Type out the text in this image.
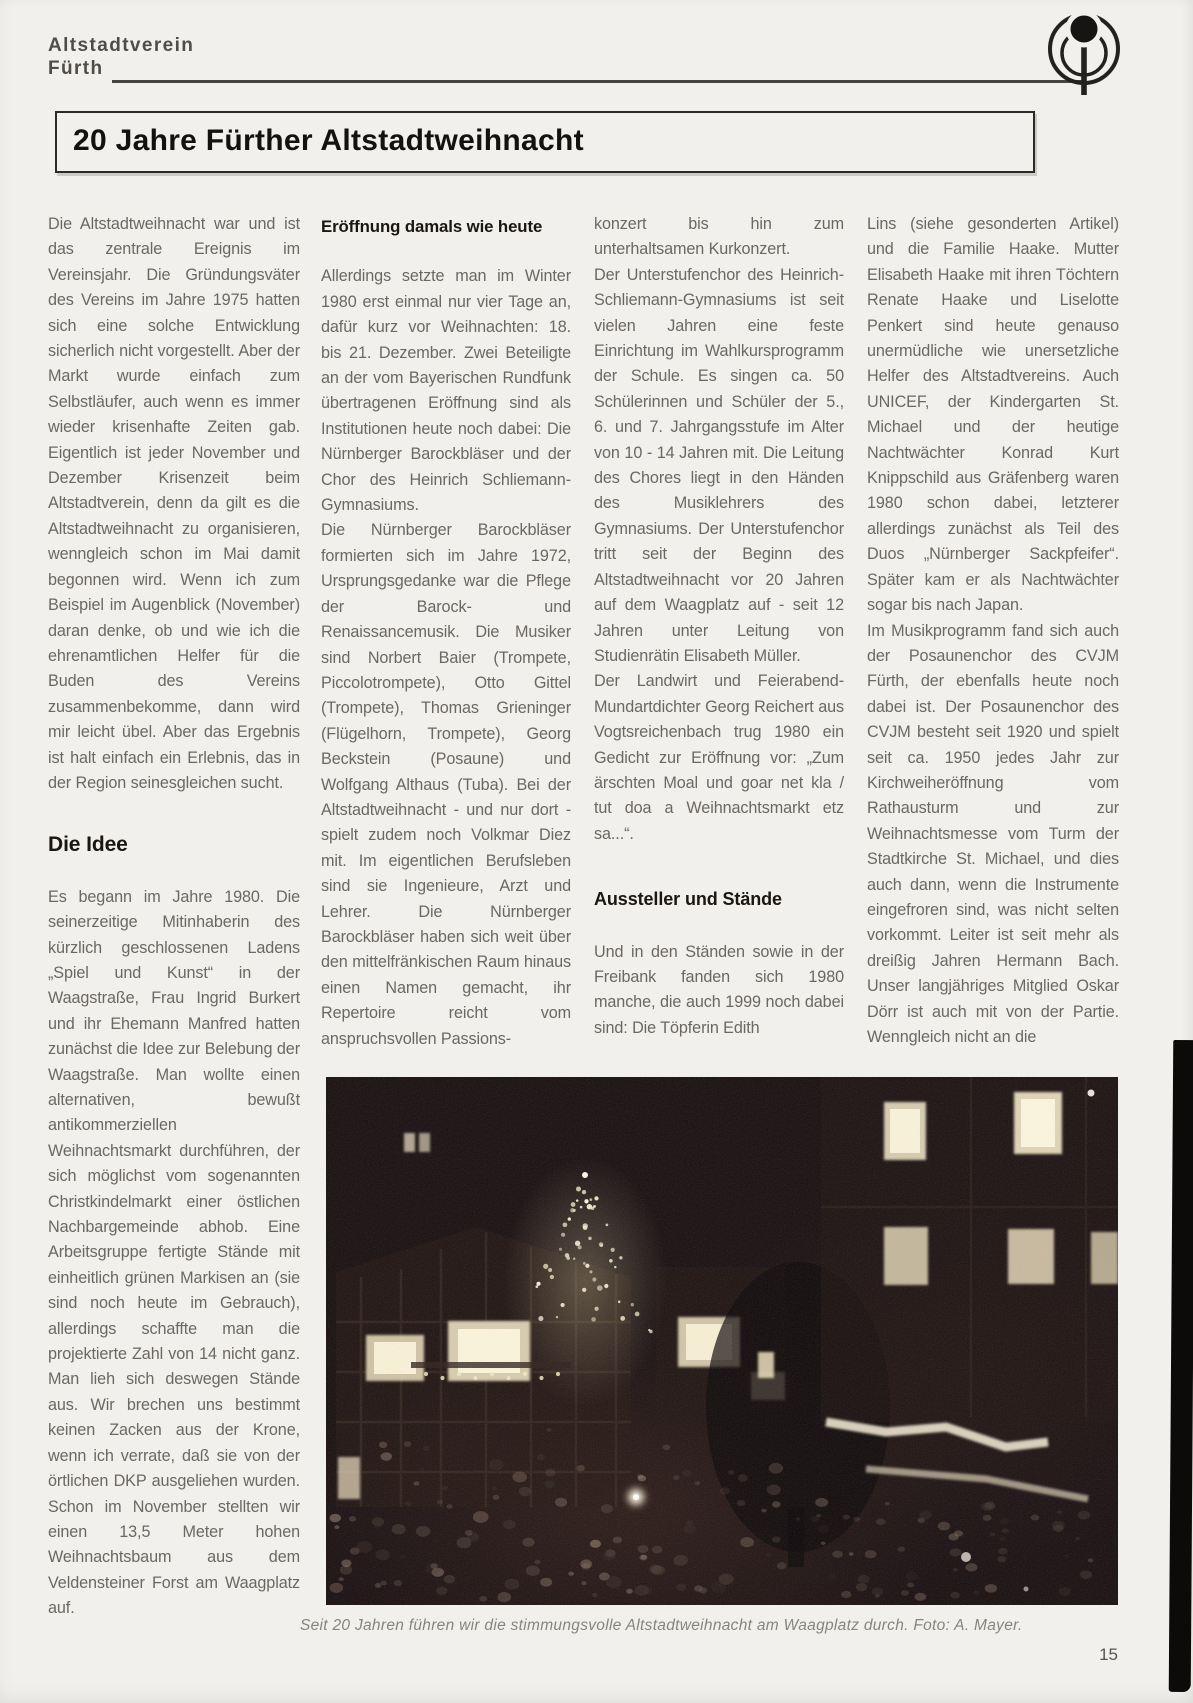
Altstadtverein
Fürth
20 Jahre Fürther Altstadtweihnacht

Die Altstadtweihnacht war und ist das zentrale Ereignis im Vereinsjahr. Die Gründungsväter des Vereins im Jahre 1975 hatten sich eine solche Entwicklung sicherlich nicht vorgestellt. Aber der Markt wurde einfach zum Selbstläufer, auch wenn es immer wieder krisenhafte Zeiten gab. Eigentlich ist jeder November und Dezember Krisenzeit beim Altstadtverein, denn da gilt es die Altstadtweihnacht zu organisieren, wenngleich schon im Mai damit begonnen wird. Wenn ich zum Beispiel im Augenblick (November) daran denke, ob und wie ich die ehrenamtlichen Helfer für die Buden des Vereins zusammenbekomme, dann wird mir leicht übel. Aber das Ergebnis ist halt einfach ein Erlebnis, das in der Region seinesgleichen sucht.

Die Idee

Es begann im Jahre 1980. Die seinerzeitige Mitinhaberin des kürzlich geschlossenen Ladens „Spiel und Kunst“ in der Waagstraße, Frau Ingrid Burkert und ihr Ehemann Manfred hatten zunächst die Idee zur Belebung der Waagstraße. Man wollte einen alternativen, bewußt antikommerziellen Weihnachtsmarkt durchführen, der sich möglichst vom sogenannten Christkindelmarkt einer östlichen Nachbargemeinde abhob. Eine Arbeitsgruppe fertigte Stände mit einheitlich grünen Markisen an (sie sind noch heute im Gebrauch), allerdings schaffte man die projektierte Zahl von 14 nicht ganz. Man lieh sich deswegen Stände aus. Wir brechen uns bestimmt keinen Zacken aus der Krone, wenn ich verrate, daß sie von der örtlichen DKP ausgeliehen wurden. Schon im November stellten wir einen 13,5 Meter hohen Weihnachtsbaum aus dem Veldensteiner Forst am Waagplatz auf.

Eröffnung damals wie heute

Allerdings setzte man im Winter 1980 erst einmal nur vier Tage an, dafür kurz vor Weihnachten: 18. bis 21. Dezember. Zwei Beteiligte an der vom Bayerischen Rundfunk übertragenen Eröffnung sind als Institutionen heute noch dabei: Die Nürnberger Barockbläser und der Chor des Heinrich Schliemann-Gymnasiums.

Die Nürnberger Barockbläser formierten sich im Jahre 1972, Ursprungsgedanke war die Pflege der Barock- und Renaissancemusik. Die Musiker sind Norbert Baier (Trompete, Piccolotrompete), Otto Gittel (Trompete), Thomas Grieninger (Flügelhorn, Trompete), Georg Beckstein (Posaune) und Wolfgang Althaus (Tuba). Bei der Altstadtweihnacht - und nur dort - spielt zudem noch Volkmar Diez mit. Im eigentlichen Berufsleben sind sie Ingenieure, Arzt und Lehrer. Die Nürnberger Barockbläser haben sich weit über den mittelfränkischen Raum hinaus einen Namen gemacht, ihr Repertoire reicht vom anspruchsvollen Passions-

konzert bis hin zum unterhaltsamen Kurkonzert.

Der Unterstufenchor des Heinrich-Schliemann-Gymnasiums ist seit vielen Jahren eine feste Einrichtung im Wahlkursprogramm der Schule. Es singen ca. 50 Schülerinnen und Schüler der 5., 6. und 7. Jahrgangsstufe im Alter von 10 - 14 Jahren mit. Die Leitung des Chores liegt in den Händen des Musiklehrers des Gymnasiums. Der Unterstufenchor tritt seit der Beginn des Altstadtweihnacht vor 20 Jahren auf dem Waagplatz auf - seit 12 Jahren unter Leitung von Studienrätin Elisabeth Müller.

Der Landwirt und Feierabend-Mundartdichter Georg Reichert aus Vogtsreichenbach trug 1980 ein Gedicht zur Eröffnung vor: „Zum ärschten Moal und goar net kla / tut doa a Weihnachtsmarkt etz sa...“.

Aussteller und Stände

Und in den Ständen sowie in der Freibank fanden sich 1980 manche, die auch 1999 noch dabei sind: Die Töpferin Edith

Lins (siehe gesonderten Artikel) und die Familie Haake. Mutter Elisabeth Haake mit ihren Töchtern Renate Haake und Liselotte Penkert sind heute genauso unermüdliche wie unersetzliche Helfer des Altstadtvereins. Auch UNICEF, der Kindergarten St. Michael und der heutige Nachtwächter Konrad Kurt Knippschild aus Gräfenberg waren 1980 schon dabei, letzterer allerdings zunächst als Teil des Duos „Nürnberger Sackpfeifer“. Später kam er als Nachtwächter sogar bis nach Japan.

Im Musikprogramm fand sich auch der Posaunenchor des CVJM Fürth, der ebenfalls heute noch dabei ist. Der Posaunenchor des CVJM besteht seit 1920 und spielt seit ca. 1950 jedes Jahr zur Kirchweiheröffnung vom Rathausturm und zur Weihnachtsmesse vom Turm der Stadtkirche St. Michael, und dies auch dann, wenn die Instrumente eingefroren sind, was nicht selten vorkommt. Leiter ist seit mehr als dreißig Jahren Hermann Bach. Unser langjähriges Mitglied Oskar Dörr ist auch mit von der Partie. Wenngleich nicht an die

Seit 20 Jahren führen wir die stimmungsvolle Altstadtweihnacht am Waagplatz durch. Foto: A. Mayer.
15
